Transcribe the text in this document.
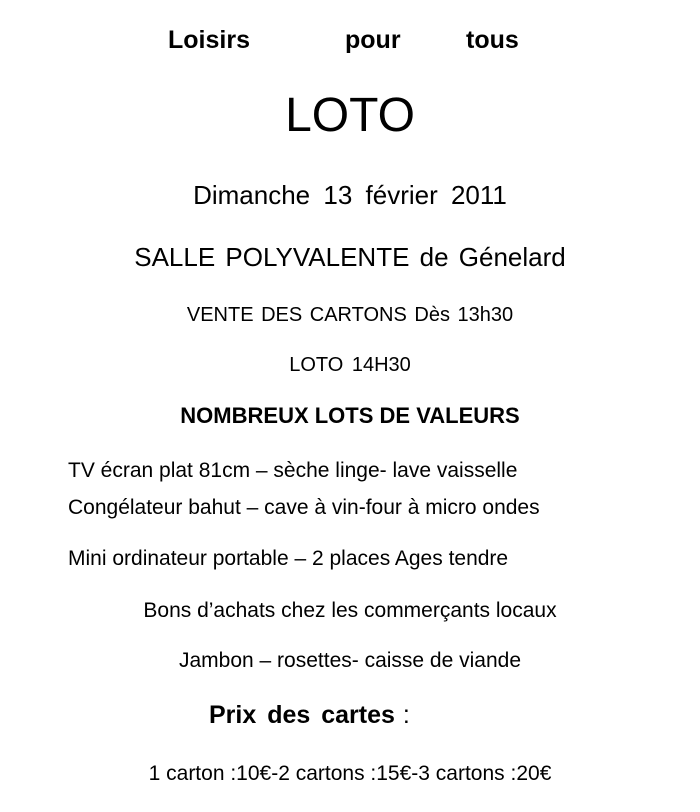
Loisirs	pour	tous
LOTO
Dimanche 13 février 2011
SALLE POLYVALENTE de Génelard
VENTE DES CARTONS Dès 13h30
LOTO 14H30
NOMBREUX LOTS DE VALEURS
TV écran plat 81cm – sèche linge- lave vaisselle
Congélateur bahut – cave à vin-four à micro ondes
Mini ordinateur portable – 2 places Ages tendre
Bons d’achats chez les commerçants locaux
Jambon – rosettes- caisse de viande
Prix des cartes :
1 carton :10€-2 cartons :15€-3 cartons :20€
